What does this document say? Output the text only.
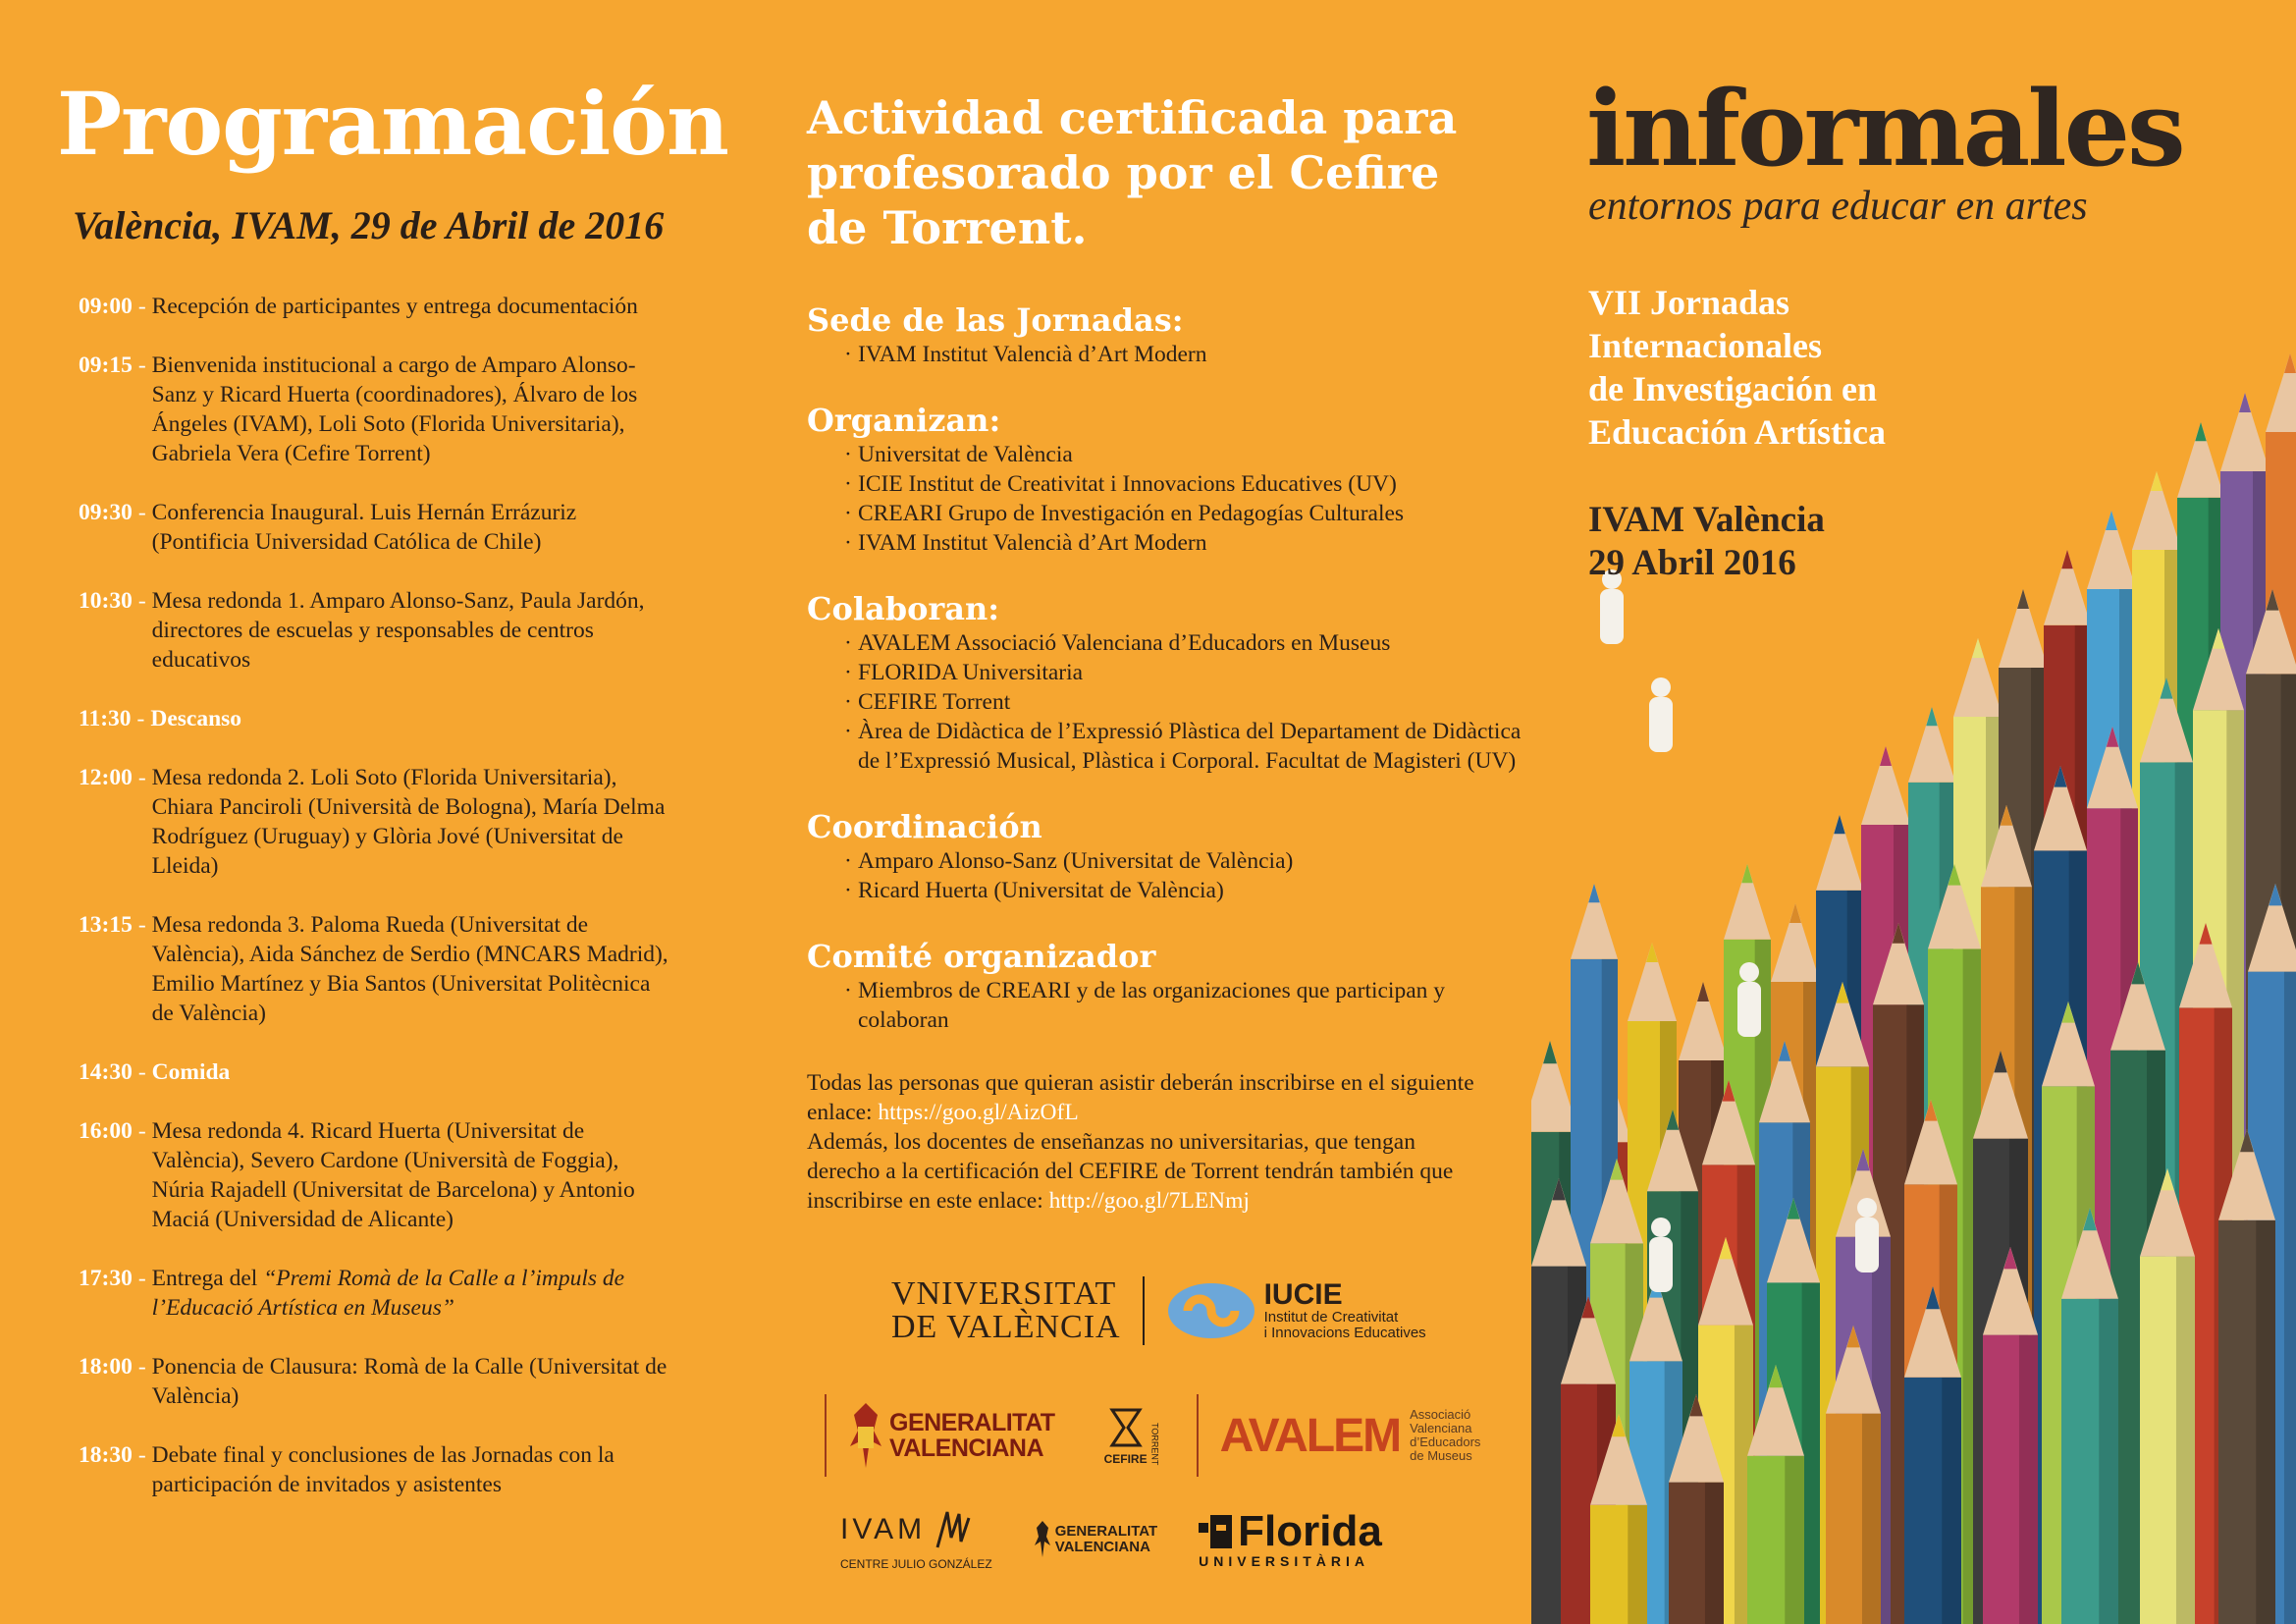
Programación
València, IVAM, 29 de Abril de 2016
09:00 - Recepción de participantes y entrega documentación
09:15 - Bienvenida institucional a cargo de Amparo Alonso-Sanz y Ricard Huerta (coordinadores), Álvaro de los Ángeles (IVAM), Loli Soto (Florida Universitaria), Gabriela Vera (Cefire Torrent)
09:30 - Conferencia Inaugural. Luis Hernán Errázuriz (Pontificia Universidad Católica de Chile)
10:30 - Mesa redonda 1. Amparo Alonso-Sanz, Paula Jardón, directores de escuelas y responsables de centros educativos
11:30 - Descanso
12:00 - Mesa redonda 2. Loli Soto (Florida Universitaria), Chiara Panciroli (Università de Bologna), María Delma Rodríguez (Uruguay) y Glòria Jové (Universitat de Lleida)
13:15 - Mesa redonda 3. Paloma Rueda (Universitat de València), Aida Sánchez de Serdio (MNCARS Madrid), Emilio Martínez y Bia Santos (Universitat Politècnica de València)
14:30 - Comida
16:00 - Mesa redonda 4. Ricard Huerta (Universitat de València), Severo Cardone (Università de Foggia), Núria Rajadell (Universitat de Barcelona) y Antonio Maciá (Universidad de Alicante)
17:30 - Entrega del “Premi Romà de la Calle a l’impuls de l’Educació Artística en Museus”
18:00 - Ponencia de Clausura: Romà de la Calle (Universitat de València)
18:30 - Debate final y conclusiones de las Jornadas con la participación de invitados y asistentes
Actividad certificada para profesorado por el Cefire de Torrent.
Sede de las Jornadas:
· IVAM Institut Valencià d’Art Modern
Organizan:
· Universitat de València
· ICIE Institut de Creativitat i Innovacions Educatives (UV)
· CREARI Grupo de Investigación en Pedagogías Culturales
· IVAM Institut Valencià d’Art Modern
Colaboran:
· AVALEM Associació Valenciana d’Educadors en Museus
· FLORIDA Universitaria
· CEFIRE Torrent
· Àrea de Didàctica de l’Expressió Plàstica del Departament de Didàctica de l’Expressió Musical, Plàstica i Corporal. Facultat de Magisteri (UV)
Coordinación
· Amparo Alonso-Sanz (Universitat de València)
· Ricard Huerta (Universitat de València)
Comité organizador
· Miembros de CREARI y de las organizaciones que participan y colaboran

Todas las personas que quieran asistir deberán inscribirse en el siguiente enlace: https://goo.gl/AizOfL
Además, los docentes de enseñanzas no universitarias, que tengan derecho a la certificación del CEFIRE de Torrent tendrán también que inscribirse en este enlace: http://goo.gl/7LENmj

VNIVERSITAT
DE VALÈNCIA
IUCIE
Institut de Creativitat
i Innovacions Educatives
GENERALITAT
VALENCIANA	CEFIRE TORRENT AVALEM Associació
Valenciana
d’Educadors
de Museus
IVAM
CENTRE JULIO GONZÁLEZ
GENERALITAT
VALENCIANA Florida
UNIVERSITÀRIA
informales

entornos para educar en artes

VII Jornadas
Internacionales
de Investigación en
Educación Artística
IVAM València
29 Abril 2016
